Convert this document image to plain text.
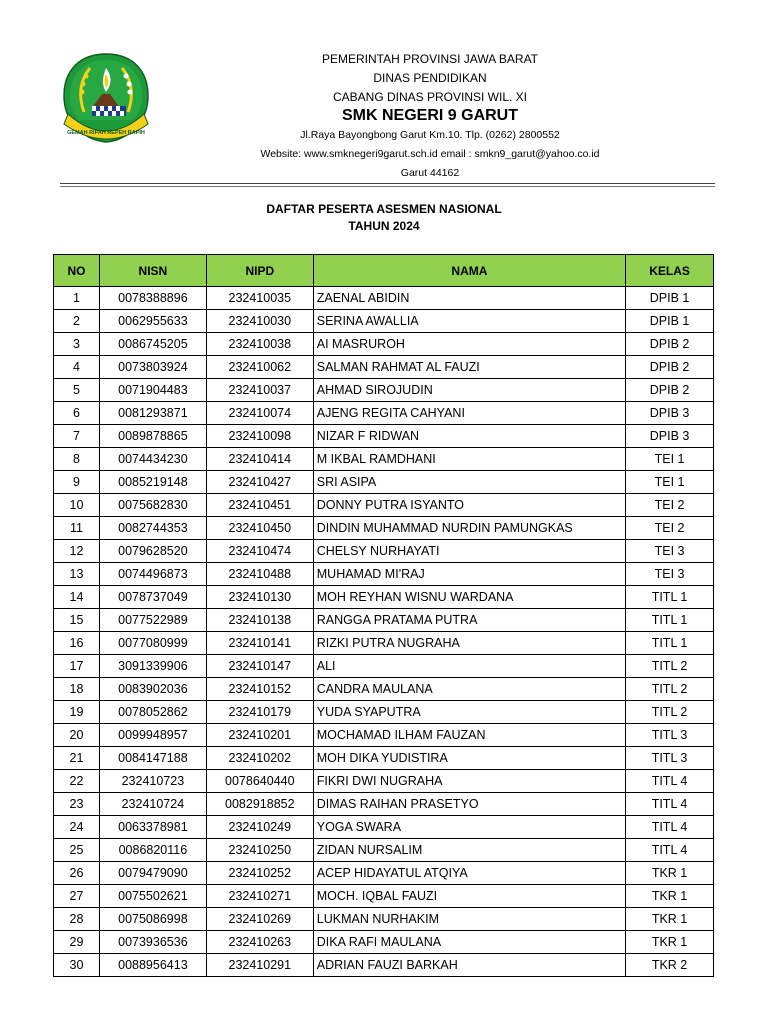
GEMAH RIPAH REPEH RAPIH
PEMERINTAH PROVINSI JAWA BARAT
DINAS PENDIDIKAN
CABANG DINAS PROVINSI WIL. XI
SMK NEGERI 9 GARUT
Jl.Raya Bayongbong Garut Km.10. Tlp. (0262) 2800552
Website: www.smknegeri9garut.sch.id email : smkn9_garut@yahoo.co.id
Garut 44162
DAFTAR PESERTA ASESMEN NASIONAL
TAHUN 2024
NO	NISN	NIPD	NAMA	KELAS
1	0078388896	232410035	ZAENAL ABIDIN	DPIB 1
2	0062955633	232410030	SERINA AWALLIA	DPIB 1
3	0086745205	232410038	AI MASRUROH	DPIB 2
4	0073803924	232410062	SALMAN RAHMAT AL FAUZI	DPIB 2
5	0071904483	232410037	AHMAD SIROJUDIN	DPIB 2
6	0081293871	232410074	AJENG REGITA CAHYANI	DPIB 3
7	0089878865	232410098	NIZAR F RIDWAN	DPIB 3
8	0074434230	232410414	M IKBAL RAMDHANI	TEI 1
9	0085219148	232410427	SRI ASIPA	TEI 1
10	0075682830	232410451	DONNY PUTRA ISYANTO	TEI 2
11	0082744353	232410450	DINDIN MUHAMMAD NURDIN PAMUNGKAS	TEI 2
12	0079628520	232410474	CHELSY NURHAYATI	TEI 3
13	0074496873	232410488	MUHAMAD MI'RAJ	TEI 3
14	0078737049	232410130	MOH REYHAN WISNU WARDANA	TITL 1
15	0077522989	232410138	RANGGA PRATAMA PUTRA	TITL 1
16	0077080999	232410141	RIZKI PUTRA NUGRAHA	TITL 1
17	3091339906	232410147	ALI	TITL 2
18	0083902036	232410152	CANDRA MAULANA	TITL 2
19	0078052862	232410179	YUDA SYAPUTRA	TITL 2
20	0099948957	232410201	MOCHAMAD ILHAM FAUZAN	TITL 3
21	0084147188	232410202	MOH DIKA YUDISTIRA	TITL 3
22	232410723	0078640440	FIKRI DWI NUGRAHA	TITL 4
23	232410724	0082918852	DIMAS RAIHAN PRASETYO	TITL 4
24	0063378981	232410249	YOGA SWARA	TITL 4
25	0086820116	232410250	ZIDAN NURSALIM	TITL 4
26	0079479090	232410252	ACEP HIDAYATUL ATQIYA	TKR 1
27	0075502621	232410271	MOCH. IQBAL FAUZI	TKR 1
28	0075086998	232410269	LUKMAN NURHAKIM	TKR 1
29	0073936536	232410263	DIKA RAFI MAULANA	TKR 1
30	0088956413	232410291	ADRIAN FAUZI BARKAH	TKR 2
